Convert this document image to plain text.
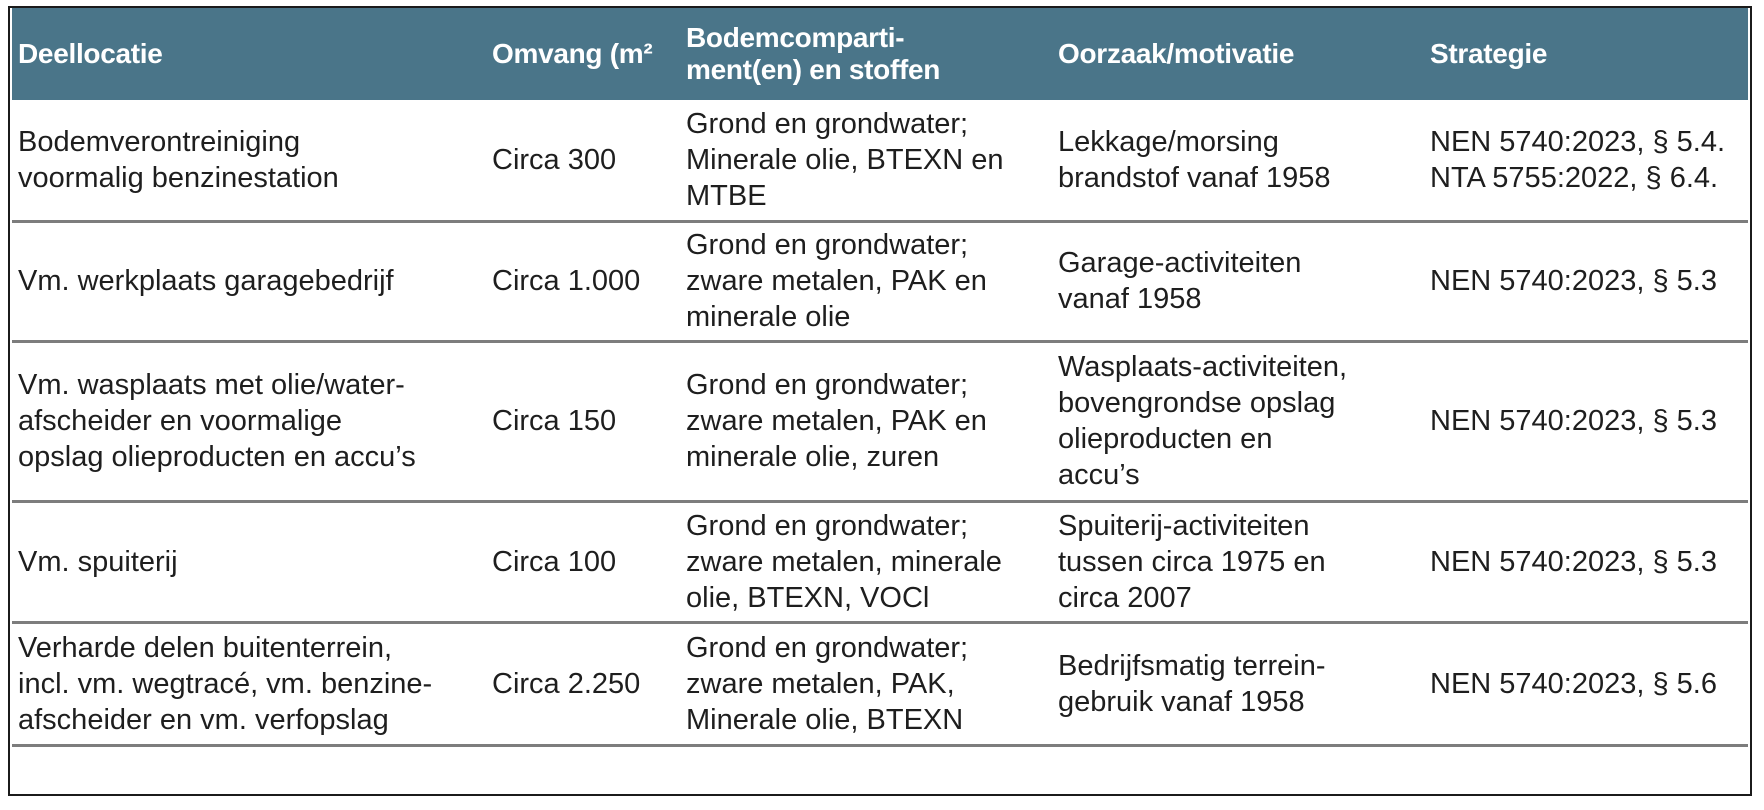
Deellocatie	Omvang (m²	Bodemcomparti-
ment(en) en stoffen	Oorzaak/motivatie	Strategie

Bodemverontreiniging
voormalig benzinestation	Circa 300	Grond en grondwater;
Minerale olie, BTEXN en
MTBE	Lekkage/morsing
brandstof vanaf 1958	NEN 5740:2023, § 5.4.
NTA 5755:2022, § 6.4.

Vm. werkplaats garagebedrijf	Circa 1.000	Grond en grondwater;
zware metalen, PAK en
minerale olie	Garage-activiteiten
vanaf 1958	NEN 5740:2023, § 5.3

Vm. wasplaats met olie/water-
afscheider en voormalige
opslag olieproducten en accu’s	Circa 150	Grond en grondwater;
zware metalen, PAK en
minerale olie, zuren	Wasplaats-activiteiten,
bovengrondse opslag
olieproducten en
accu’s	NEN 5740:2023, § 5.3

Vm. spuiterij	Circa 100	Grond en grondwater;
zware metalen, minerale
olie, BTEXN, VOCl	Spuiterij-activiteiten
tussen circa 1975 en
circa 2007	NEN 5740:2023, § 5.3

Verharde delen buitenterrein,
incl. vm. wegtracé, vm. benzine-
afscheider en vm. verfopslag	Circa 2.250	Grond en grondwater;
zware metalen, PAK,
Minerale olie, BTEXN	Bedrijfsmatig terrein-
gebruik vanaf 1958	NEN 5740:2023, § 5.6
